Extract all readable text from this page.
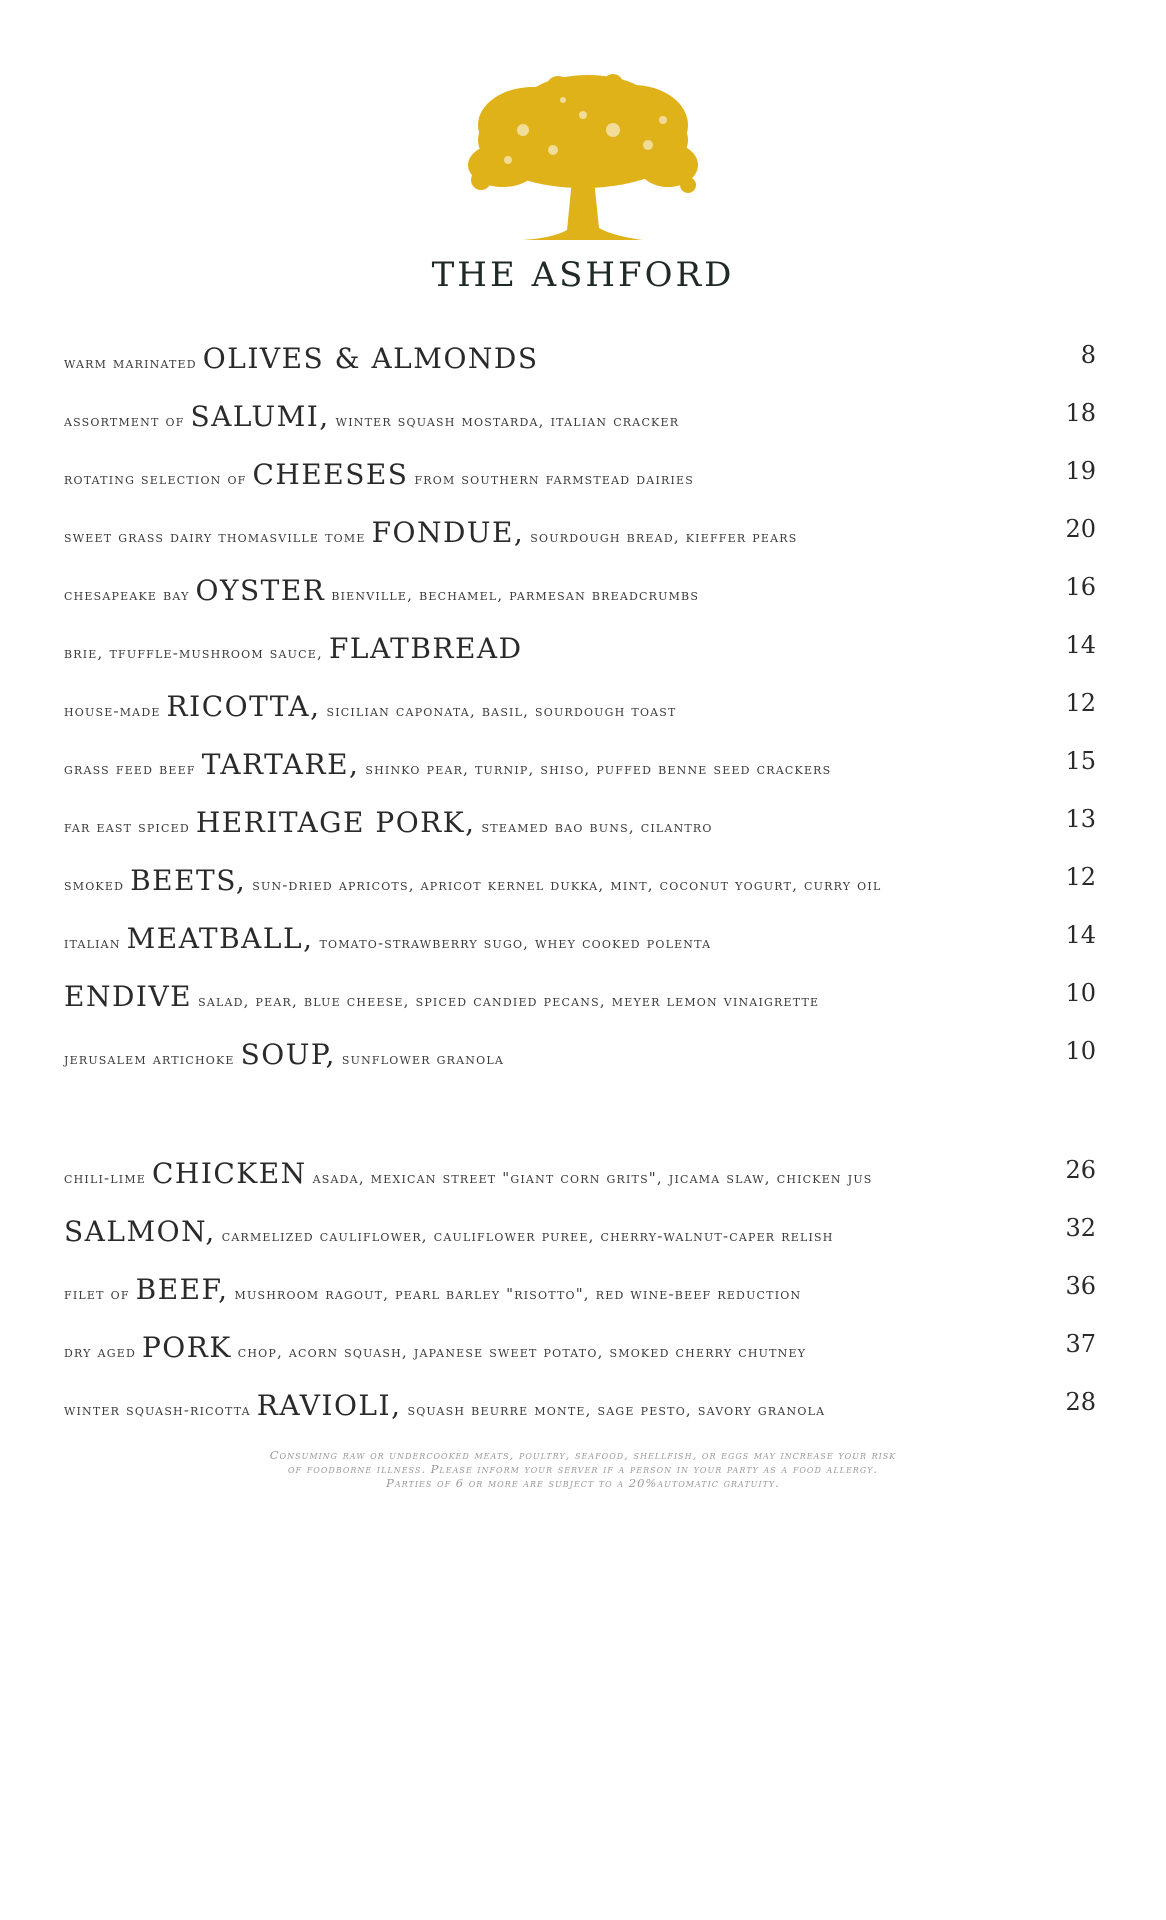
THE ASHFORD
warm marinated OLIVES & ALMONDS	8
assortment of SALUMI, winter squash mostarda, italian cracker	18
rotating selection of CHEESES from southern farmstead dairies	19
sweet grass dairy thomasville tome FONDUE, sourdough bread, kieffer pears	20
chesapeake bay OYSTER bienville, bechamel, parmesan breadcrumbs	16
brie, tfuffle-mushroom sauce, FLATBREAD	14
house-made RICOTTA, sicilian caponata, basil, sourdough toast	12
grass feed beef TARTARE, shinko pear, turnip, shiso, puffed benne seed crackers	15
far east spiced HERITAGE PORK, steamed bao buns, cilantro	13
smoked BEETS, sun-dried apricots, apricot kernel dukka, mint, coconut yogurt, curry oil	12
italian MEATBALL, tomato-strawberry sugo, whey cooked polenta	14
ENDIVE salad, pear, blue cheese, spiced candied pecans, meyer lemon vinaigrette	10
jerusalem artichoke SOUP, sunflower granola	10
chili-lime CHICKEN asada, mexican street "giant corn grits", jicama slaw, chicken jus	26
SALMON, carmelized cauliflower, cauliflower puree, cherry-walnut-caper relish	32
filet of BEEF, mushroom ragout, pearl barley "risotto", red wine-beef reduction	36
dry aged PORK chop, acorn squash, japanese sweet potato, smoked cherry chutney	37
winter squash-ricotta RAVIOLI, squash beurre monte, sage pesto, savory granola	28
Consuming raw or undercooked meats, poultry, seafood, shellfish, or eggs may increase your risk
of foodborne illness. Please inform your server if a person in your party as a food allergy.
Parties of 6 or more are subject to a 20%automatic gratuity.
